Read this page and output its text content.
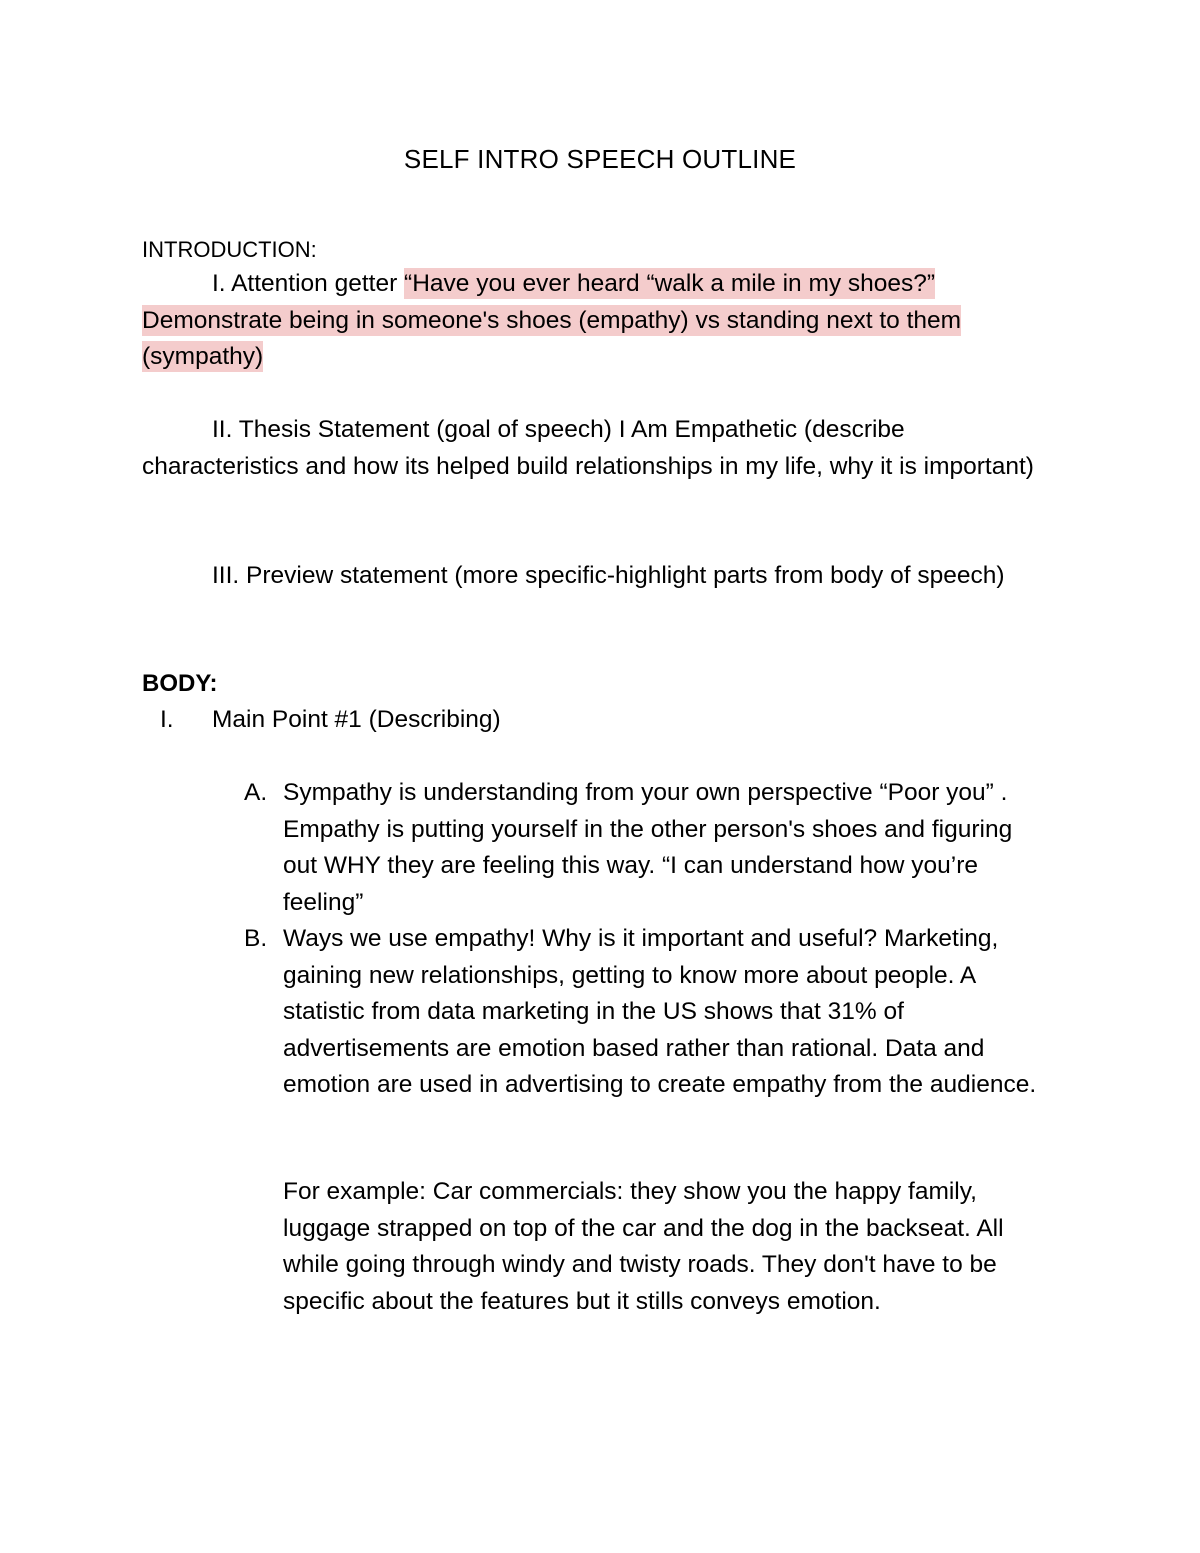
SELF INTRO SPEECH OUTLINE
INTRODUCTION:

I. Attention getter “Have you ever heard “walk a mile in my shoes?”
Demonstrate being in someone's shoes (empathy) vs standing next to them
(sympathy)

II. Thesis Statement (goal of speech) I Am Empathetic (describe characteristics and how its helped build relationships in my life, why it is important)

III. Preview statement (more specific-highlight parts from body of speech)

BODY:
I. Main Point #1 (Describing)
A. Sympathy is understanding from your own perspective “Poor you” . Empathy is putting yourself in the other person's shoes and figuring out WHY they are feeling this way. “I can understand how you’re feeling”
B. Ways we use empathy! Why is it important and useful? Marketing, gaining new relationships, getting to know more about people. A statistic from data marketing in the US shows that 31% of advertisements are emotion based rather than rational. Data and emotion are used in advertising to create empathy from the audience.

For example: Car commercials: they show you the happy family, luggage strapped on top of the car and the dog in the backseat. All while going through windy and twisty roads. They don't have to be specific about the features but it stills conveys emotion.
